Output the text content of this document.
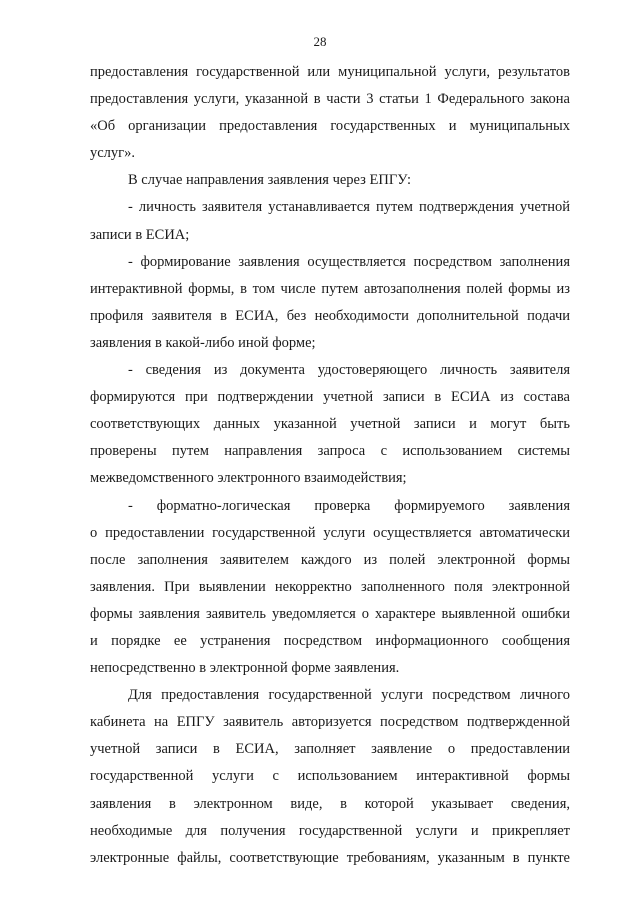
28
предоставления государственной или муниципальной услуги, результатов
предоставления услуги, указанной в части 3 статьи 1 Федерального закона
«Об организации предоставления государственных и муниципальных
услуг».
В случае направления заявления через ЕПГУ:
- личность заявителя устанавливается путем подтверждения учетной
записи в ЕСИА;
- формирование заявления осуществляется посредством заполнения
интерактивной формы, в том числе путем автозаполнения полей формы из
профиля заявителя в ЕСИА, без необходимости дополнительной подачи
заявления в какой-либо иной форме;
- сведения из документа удостоверяющего личность заявителя
формируются при подтверждении учетной записи в ЕСИА из состава
соответствующих данных указанной учетной записи и могут быть
проверены путем направления запроса с использованием системы
межведомственного электронного взаимодействия;
- форматно-логическая проверка формируемого заявления
о предоставлении государственной услуги осуществляется автоматически
после заполнения заявителем каждого из полей электронной формы
заявления. При выявлении некорректно заполненного поля электронной
формы заявления заявитель уведомляется о характере выявленной ошибки
и порядке ее устранения посредством информационного сообщения
непосредственно в электронной форме заявления.
Для предоставления государственной услуги посредством личного
кабинета на ЕПГУ заявитель авторизуется посредством подтвержденной
учетной записи в ЕСИА, заполняет заявление о предоставлении
государственной услуги с использованием интерактивной формы
заявления в электронном виде, в которой указывает сведения,
необходимые для получения государственной услуги и прикрепляет
электронные файлы, соответствующие требованиям, указанным в пункте
